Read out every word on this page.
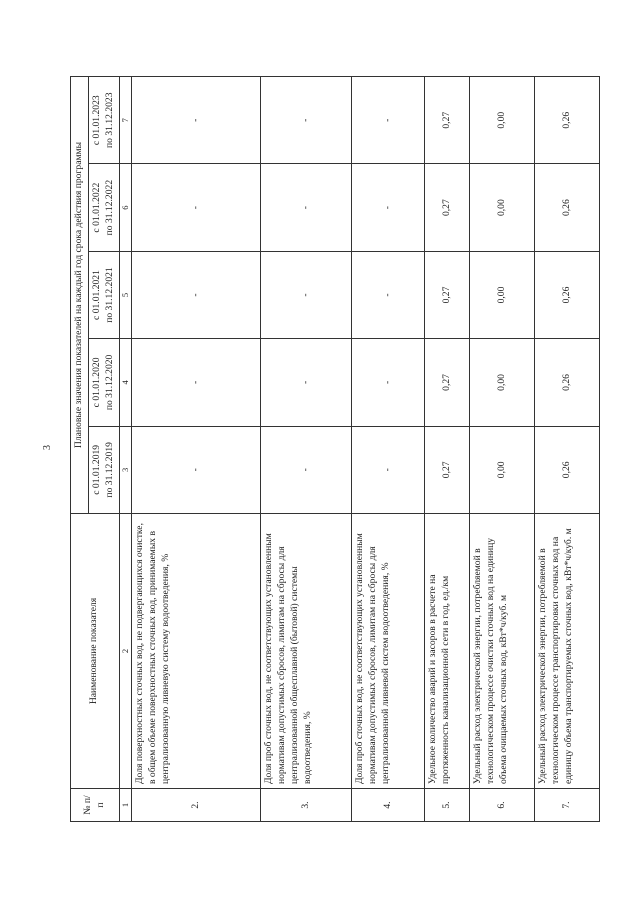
3
№ п/п	Наименование показателя	Плановые значения показателей на каждый год срока действия программы				

		с 01.01.2019 по 31.12.2019	с 01.01.2020 по 31.12.2020	с 01.01.2021 по 31.12.2021	с 01.01.2022 по 31.12.2022	с 01.01.2023 по 31.12.2023

1	2	3	4	5	6	7
2.	Доля поверхностных сточных вод, не подвергающихся очистке, в общем объеме поверхностных сточных вод, принимаемых в централизованную ливневую систему водоотведения, %	-	-	-	-	-
3.	Доля проб сточных вод, не соответствующих установленным нормативам допустимых сбросов, лимитам на сбросы для централизованной общесплавной (бытовой) системы водоотведения, %	-	-	-	-	-
4.	Доля проб сточных вод, не соответствующих установленным нормативам допустимых сбросов, лимитам на сбросы для централизованной ливневой систем водоотведения, %	-	-	-	-	-
5.	Удельное количество аварий и засоров в расчете на протяженность канализационной сети в год, ед./км	0,27	0,27	0,27	0,27	0,27
6.	Удельный расход электрической энергии, потребляемой в технологическом процессе очистки сточных вод на единицу объема очищаемых сточных вод, кВт*ч/куб. м	0,00	0,00	0,00	0,00	0,00
7.	Удельный расход электрической энергии, потребляемой в технологическом процессе транспортировки сточных вод на единицу объема транспортируемых сточных вод, кВт*ч/куб. м	0,26	0,26	0,26	0,26	0,26
